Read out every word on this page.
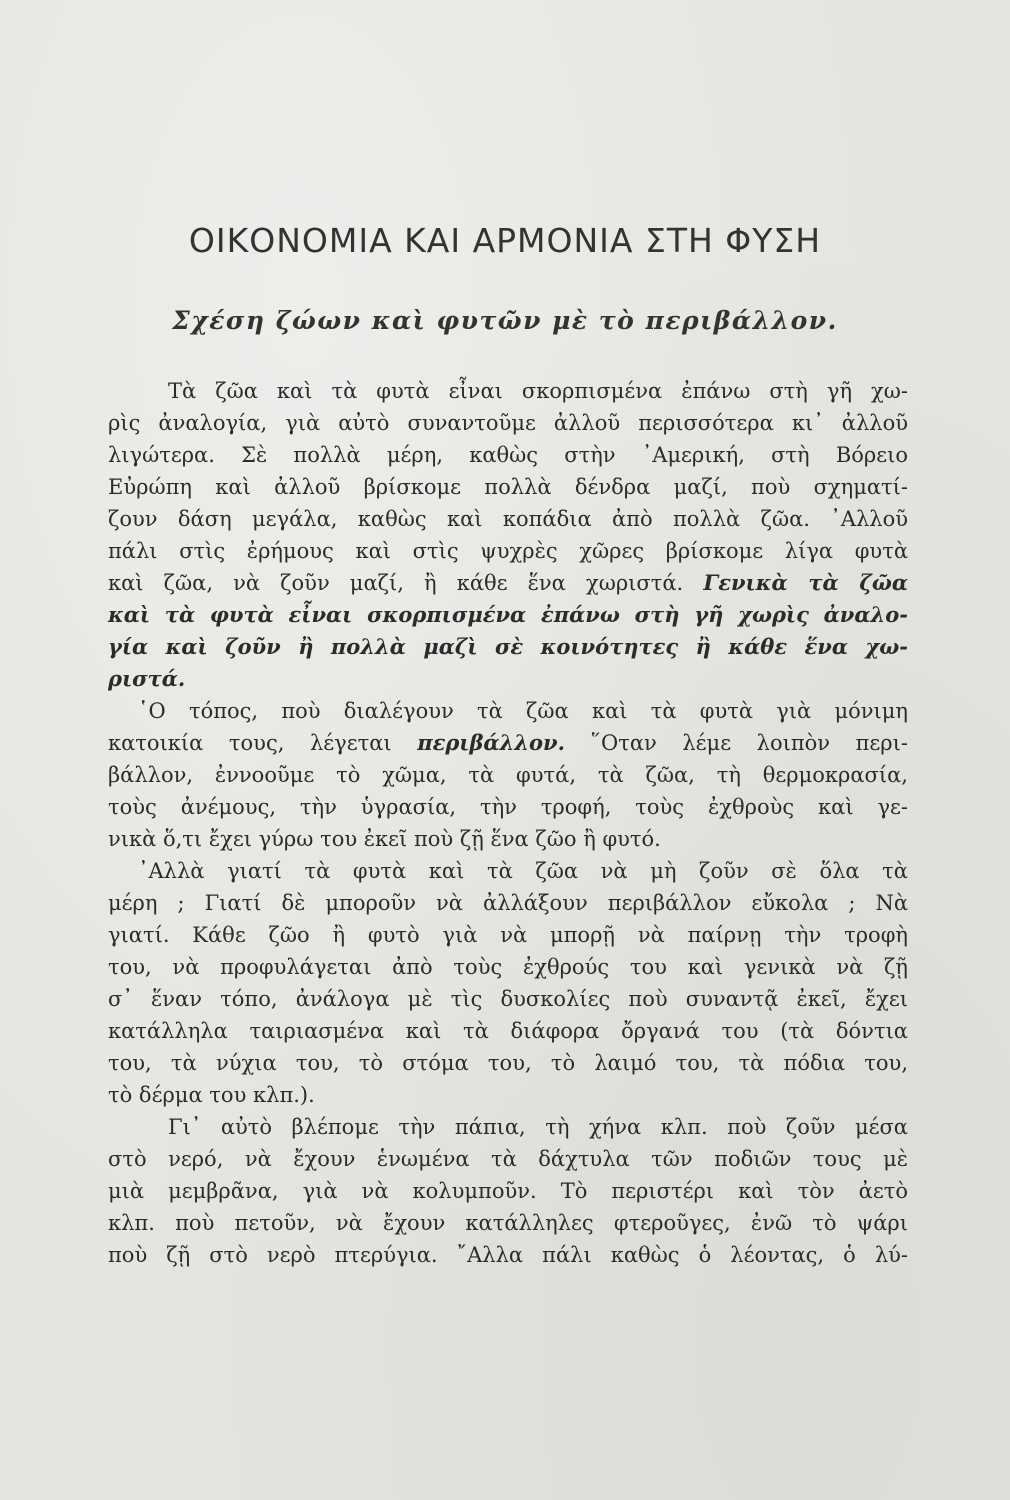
ΟΙΚΟΝΟΜΙΑ ΚΑΙ ΑΡΜΟΝΙΑ ΣΤΗ ΦΥΣΗ
Σχέση ζώων καὶ φυτῶν μὲ τὸ περιβάλλον.
Τὰ ζῶα καὶ τὰ φυτὰ εἶναι σκορπισμένα ἐπάνω στὴ γῆ χω-
ρὶς ἀναλογία, γιὰ αὐτὸ συναντοῦμε ἀλλοῦ περισσότερα κι᾿ ἀλλοῦ
λιγώτερα. Σὲ πολλὰ μέρη, καθὼς στὴν ᾿Αμερική, στὴ Βόρειο
Εὐρώπη καὶ ἀλλοῦ βρίσκομε πολλὰ δένδρα μαζί, ποὺ σχηματί-
ζουν δάση μεγάλα, καθὼς καὶ κοπάδια ἀπὸ πολλὰ ζῶα. ᾿Αλλοῦ
πάλι στὶς ἐρήμους καὶ στὶς ψυχρὲς χῶρες βρίσκομε λίγα φυτὰ
καὶ ζῶα, νὰ ζοῦν μαζί, ἢ κάθε ἕνα χωριστά. Γενικὰ τὰ ζῶα
καὶ τὰ φυτὰ εἶναι σκορπισμένα ἐπάνω στὴ γῆ χωρὶς ἀναλο-
γία καὶ ζοῦν ἢ πολλὰ μαζὶ σὲ κοινότητες ἢ κάθε ἕνα χω-
ριστά.
῾Ο τόπος, ποὺ διαλέγουν τὰ ζῶα καὶ τὰ φυτὰ γιὰ μόνιμη
κατοικία τους, λέγεται περιβάλλον. ῞Οταν λέμε λοιπὸν περι-
βάλλον, ἐννοοῦμε τὸ χῶμα, τὰ φυτά, τὰ ζῶα, τὴ θερμοκρασία,
τοὺς ἀνέμους, τὴν ὑγρασία, τὴν τροφή, τοὺς ἐχθροὺς καὶ γε-
νικὰ ὅ,τι ἔχει γύρω του ἐκεῖ ποὺ ζῇ ἕνα ζῶο ἢ φυτό.
᾿Αλλὰ γιατί τὰ φυτὰ καὶ τὰ ζῶα νὰ μὴ ζοῦν σὲ ὅλα τὰ
μέρη ; Γιατί δὲ μποροῦν νὰ ἀλλάξουν περιβάλλον εὔκολα ; Νὰ
γιατί. Κάθε ζῶο ἢ φυτὸ γιὰ νὰ μπορῇ νὰ παίρνῃ τὴν τροφὴ
του, νὰ προφυλάγεται ἀπὸ τοὺς ἐχθρούς του καὶ γενικὰ νὰ ζῇ
σ᾿ ἕναν τόπο, ἀνάλογα μὲ τὶς δυσκολίες ποὺ συναντᾷ ἐκεῖ, ἔχει
κατάλληλα ταιριασμένα καὶ τὰ διάφορα ὄργανά του (τὰ δόντια
του, τὰ νύχια του, τὸ στόμα του, τὸ λαιμό του, τὰ πόδια του,
τὸ δέρμα του κλπ.).
Γι᾿ αὐτὸ βλέπομε τὴν πάπια, τὴ χήνα κλπ. ποὺ ζοῦν μέσα
στὸ νερό, νὰ ἔχουν ἑνωμένα τὰ δάχτυλα τῶν ποδιῶν τους μὲ
μιὰ μεμβρᾶνα, γιὰ νὰ κολυμποῦν. Τὸ περιστέρι καὶ τὸν ἀετὸ
κλπ. ποὺ πετοῦν, νὰ ἔχουν κατάλληλες φτεροῦγες, ἐνῶ τὸ ψάρι
ποὺ ζῇ στὸ νερὸ πτερύγια. ῎Αλλα πάλι καθὼς ὁ λέοντας, ὁ λύ-
